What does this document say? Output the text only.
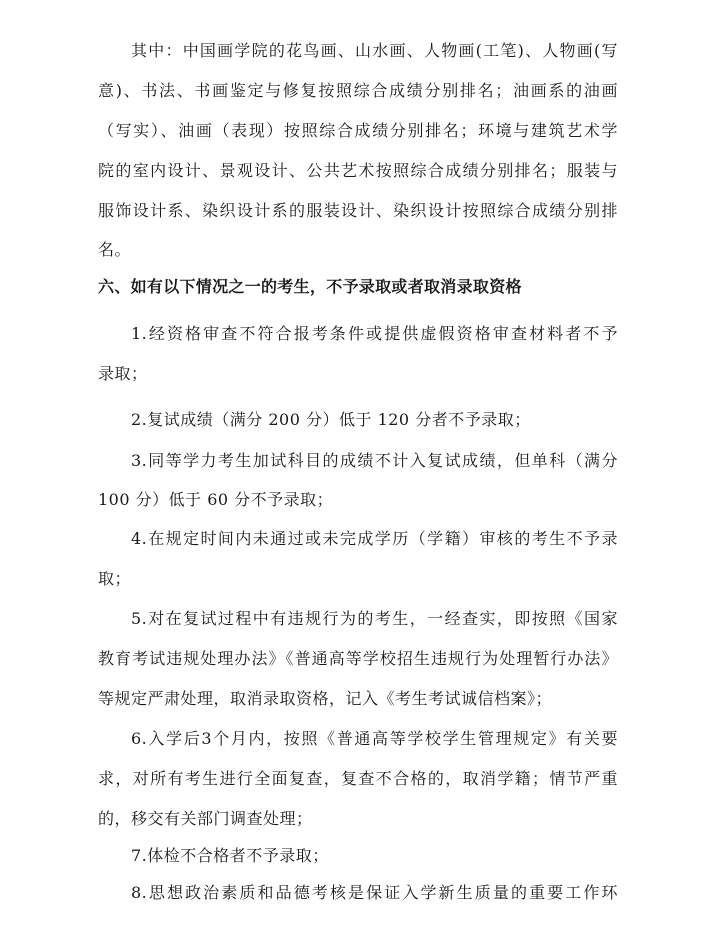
其中：中国画学院的花鸟画、山水画、人物画(工笔)、人物画(写
意)、书法、书画鉴定与修复按照综合成绩分别排名；油画系的油画
（写实）、油画（表现）按照综合成绩分别排名；环境与建筑艺术学
院的室内设计、景观设计、公共艺术按照综合成绩分别排名；服装与
服饰设计系、染织设计系的服装设计、染织设计按照综合成绩分别排
名。
六、如有以下情况之一的考生，不予录取或者取消录取资格
1.经资格审查不符合报考条件或提供虚假资格审查材料者不予
录取；
2.复试成绩（满分 200 分）低于 120 分者不予录取；
3.同等学力考生加试科目的成绩不计入复试成绩，但单科（满分
100 分）低于 60 分不予录取；
4.在规定时间内未通过或未完成学历（学籍）审核的考生不予录
取；
5.对在复试过程中有违规行为的考生，一经查实，即按照《国家
教育考试违规处理办法》《普通高等学校招生违规行为处理暂行办法》
等规定严肃处理，取消录取资格，记入《考生考试诚信档案》；
6.入学后3个月内，按照《普通高等学校学生管理规定》有关要
求，对所有考生进行全面复查，复查不合格的，取消学籍；情节严重
的，移交有关部门调查处理；
7.体检不合格者不予录取；
8.思想政治素质和品德考核是保证入学新生质量的重要工作环
